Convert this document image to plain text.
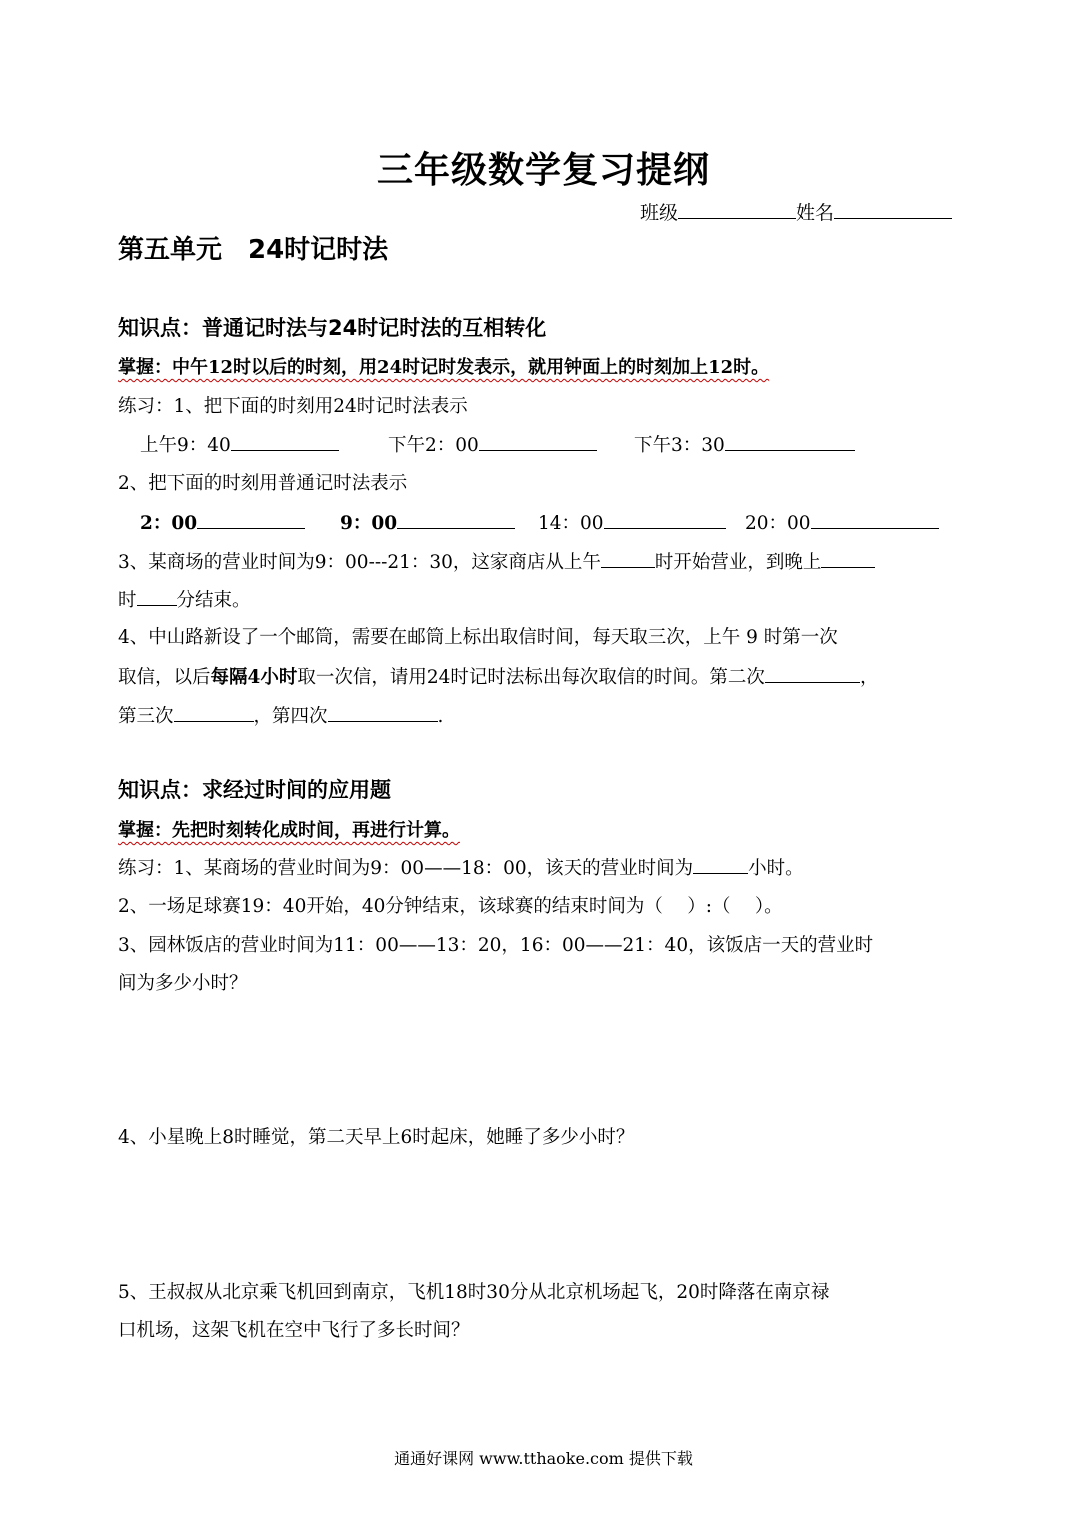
三年级数学复习提纲
班级	姓名
第五单元　24时记时法
知识点：普通记时法与24时记时法的互相转化
掌握：中午12时以后的时刻，用24时记时发表示，就用钟面上的时刻加上12时。
练习：1、把下面的时刻用24时记时法表示
上午9：40	下午2：00	下午3：30
2、把下面的时刻用普通记时法表示
2：00	9：00	14：00	20：00
3、某商场的营业时间为9：00---21：30，这家商店从上午	时开始营业，到晚上
时 分结束。
4、中山路新设了一个邮筒，需要在邮筒上标出取信时间，每天取三次，上午 9 时第一次
取信，以后每隔4小时取一次信，请用24时记时法标出每次取信的时间。第二次	，
第三次	，第四次	.
知识点：求经过时间的应用题
掌握：先把时刻转化成时间，再进行计算。
练习：1、某商场的营业时间为9：00——18：00，该天的营业时间为	小时。
2、一场足球赛19：40开始，40分钟结束，该球赛的结束时间为（　 ）:（　 ）。
3、园林饭店的营业时间为11：00——13：20，16：00——21：40，该饭店一天的营业时
间为多少小时？
4、小星晚上8时睡觉，第二天早上6时起床，她睡了多少小时？
5、王叔叔从北京乘飞机回到南京，飞机18时30分从北京机场起飞，20时降落在南京禄
口机场，这架飞机在空中飞行了多长时间？
通通好课网 www.tthaoke.com 提供下载
